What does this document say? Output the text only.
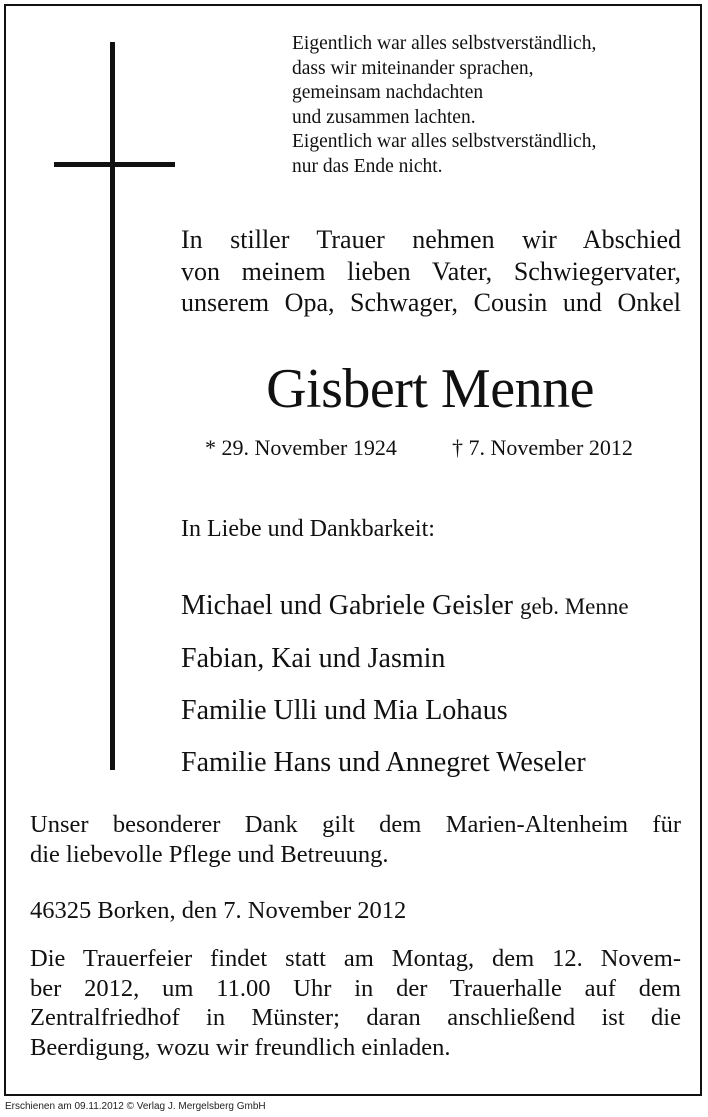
Eigentlich war alles selbstverständlich,
dass wir miteinander sprachen,
gemeinsam nachdachten
und zusammen lachten.
Eigentlich war alles selbstverständlich,
nur das Ende nicht.
In stiller Trauer nehmen wir Abschied
von meinem lieben Vater, Schwiegervater,
unserem Opa, Schwager, Cousin und Onkel
Gisbert Menne
* 29. November 1924	† 7. November 2012
In Liebe und Dankbarkeit:
Michael und Gabriele Geisler geb. Menne
Fabian, Kai und Jasmin
Familie Ulli und Mia Lohaus
Familie Hans und Annegret Weseler
Unser besonderer Dank gilt dem Marien-Altenheim für
die liebevolle Pflege und Betreuung.
46325 Borken, den 7. November 2012
Die Trauerfeier findet statt am Montag, dem 12. Novem-
ber 2012, um 11.00 Uhr in der Trauerhalle auf dem
Zentralfriedhof in Münster; daran anschließend ist die
Beerdigung, wozu wir freundlich einladen.
Erschienen am 09.11.2012 © Verlag J. Mergelsberg GmbH
